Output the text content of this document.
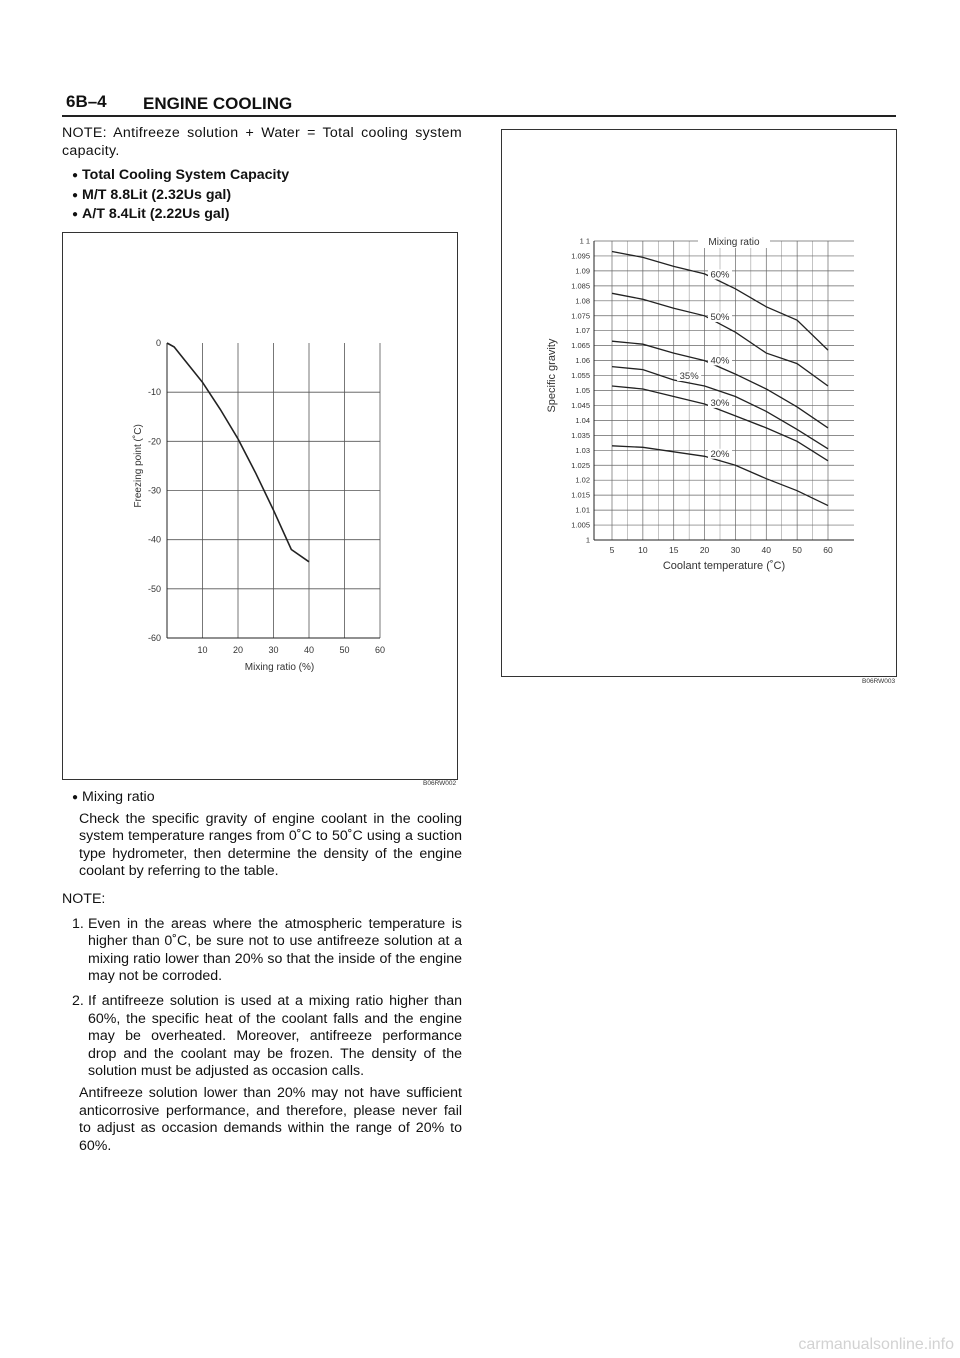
6B–4 ENGINE COOLING

NOTE: Antifreeze solution + Water = Total cooling system capacity.

● Total Cooling System Capacity
● M/T 8.8Lit (2.32Us gal)
● A/T 8.4Lit (2.22Us gal)
10	20	30	40	50	60
0
-10
-20
-30
-40
-50
-60
Mixing ratio (%)
Freezing point (˚C)
B06RW002
1
1.005
1.01
1.015
1.02
1.025
1.03
1.035
1.04
1.045
1.05
1.055
1.06
1.065
1.07
1.075
1.08
1.085
1.09
1.095
1 1
5	10	15	20	30	40	50	60
Mixing ratio
60%
50%
40%
35%
30%
20%
Coolant temperature (˚C)
Specific gravity
B06RW003
● Mixing ratio

Check the specific gravity of engine coolant in the cooling system temperature ranges from 0˚C to 50˚C using a suction type hydrometer, then determine the density of the engine coolant by referring to the table.

NOTE:

1. Even in the areas where the atmospheric temperature is higher than 0˚C, be sure not to use antifreeze solution at a mixing ratio lower than 20% so that the inside of the engine may not be corroded.
2. If antifreeze solution is used at a mixing ratio higher than 60%, the specific heat of the coolant falls and the engine may be overheated. Moreover, antifreeze performance drop and the coolant may be frozen. The density of the solution must be adjusted as occasion calls.

Antifreeze solution lower than 20% may not have sufficient anticorrosive performance, and therefore, please never fail to adjust as occasion demands within the range of 20% to 60%.

carmanualsonline.info
